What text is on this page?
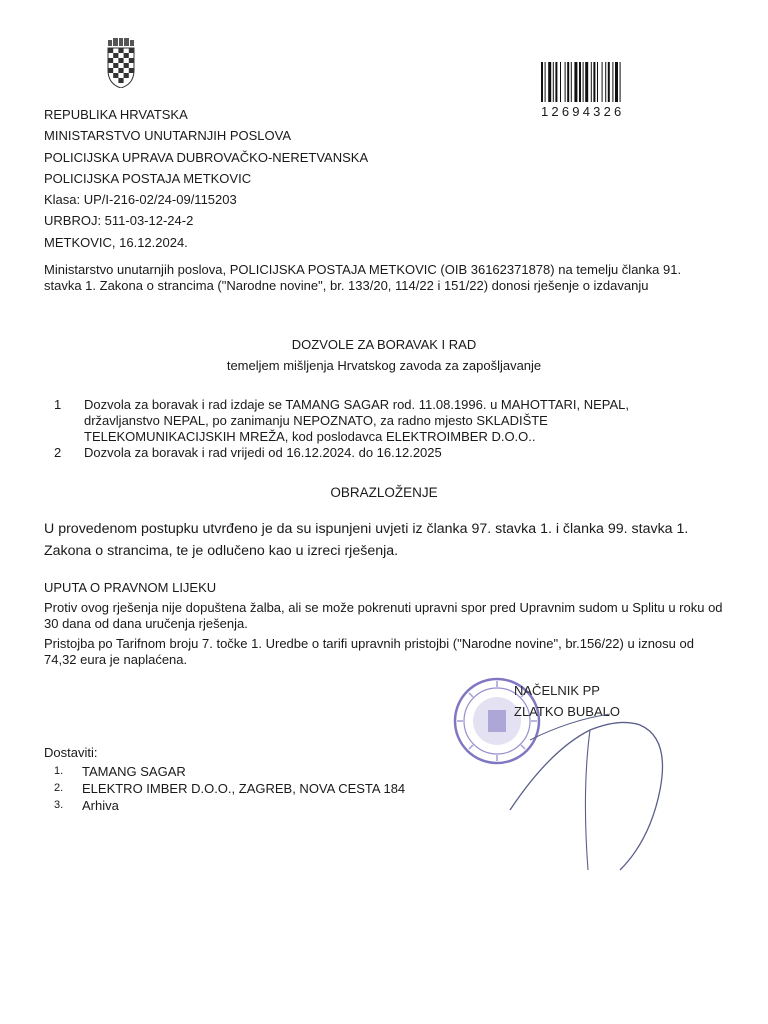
12694326
REPUBLIKA HRVATSKA
MINISTARSTVO UNUTARNJIH POSLOVA
POLICIJSKA UPRAVA DUBROVAČKO-NERETVANSKA
POLICIJSKA POSTAJA METKOVIC
Klasa: UP/I-216-02/24-09/115203
URBROJ: 511-03-12-24-2
METKOVIC, 16.12.2024.
Ministarstvo unutarnjih poslova, POLICIJSKA POSTAJA METKOVIC (OIB 36162371878) na temelju članka 91. stavka 1. Zakona o strancima ("Narodne novine", br. 133/20, 114/22 i 151/22) donosi rješenje o izdavanju
DOZVOLE ZA BORAVAK I RAD
temeljem mišljenja Hrvatskog zavoda za zapošljavanje
1	Dozvola za boravak i rad izdaje se TAMANG SAGAR rod. 11.08.1996. u MAHOTTARI, NEPAL, državljanstvo NEPAL, po zanimanju NEPOZNATO, za radno mjesto SKLADIŠTE TELEKOMUNIKACIJSKIH MREŽA, kod poslodavca ELEKTROIMBER D.O.O..
2	Dozvola za boravak i rad vrijedi od 16.12.2024. do 16.12.2025
OBRAZLOŽENJE
U provedenom postupku utvrđeno je da su ispunjeni uvjeti iz članka 97. stavka 1. i članka 99. stavka 1. Zakona o strancima, te je odlučeno kao u izreci rješenja.
UPUTA O PRAVNOM LIJEKU

Protiv ovog rješenja nije dopuštena žalba, ali se može pokrenuti upravni spor pred Upravnim sudom u Splitu u roku od 30 dana od dana uručenja rješenja.

Pristojba po Tarifnom broju 7. točke 1. Uredbe o tarifi upravnih pristojbi ("Narodne novine", br.156/22) u iznosu od 74,32 eura je naplaćena.

NAČELNIK PP
ZLATKO BUBALO
Dostaviti:
1.	TAMANG SAGAR
2.	ELEKTRO IMBER D.O.O., ZAGREB, NOVA CESTA 184
3.	Arhiva
